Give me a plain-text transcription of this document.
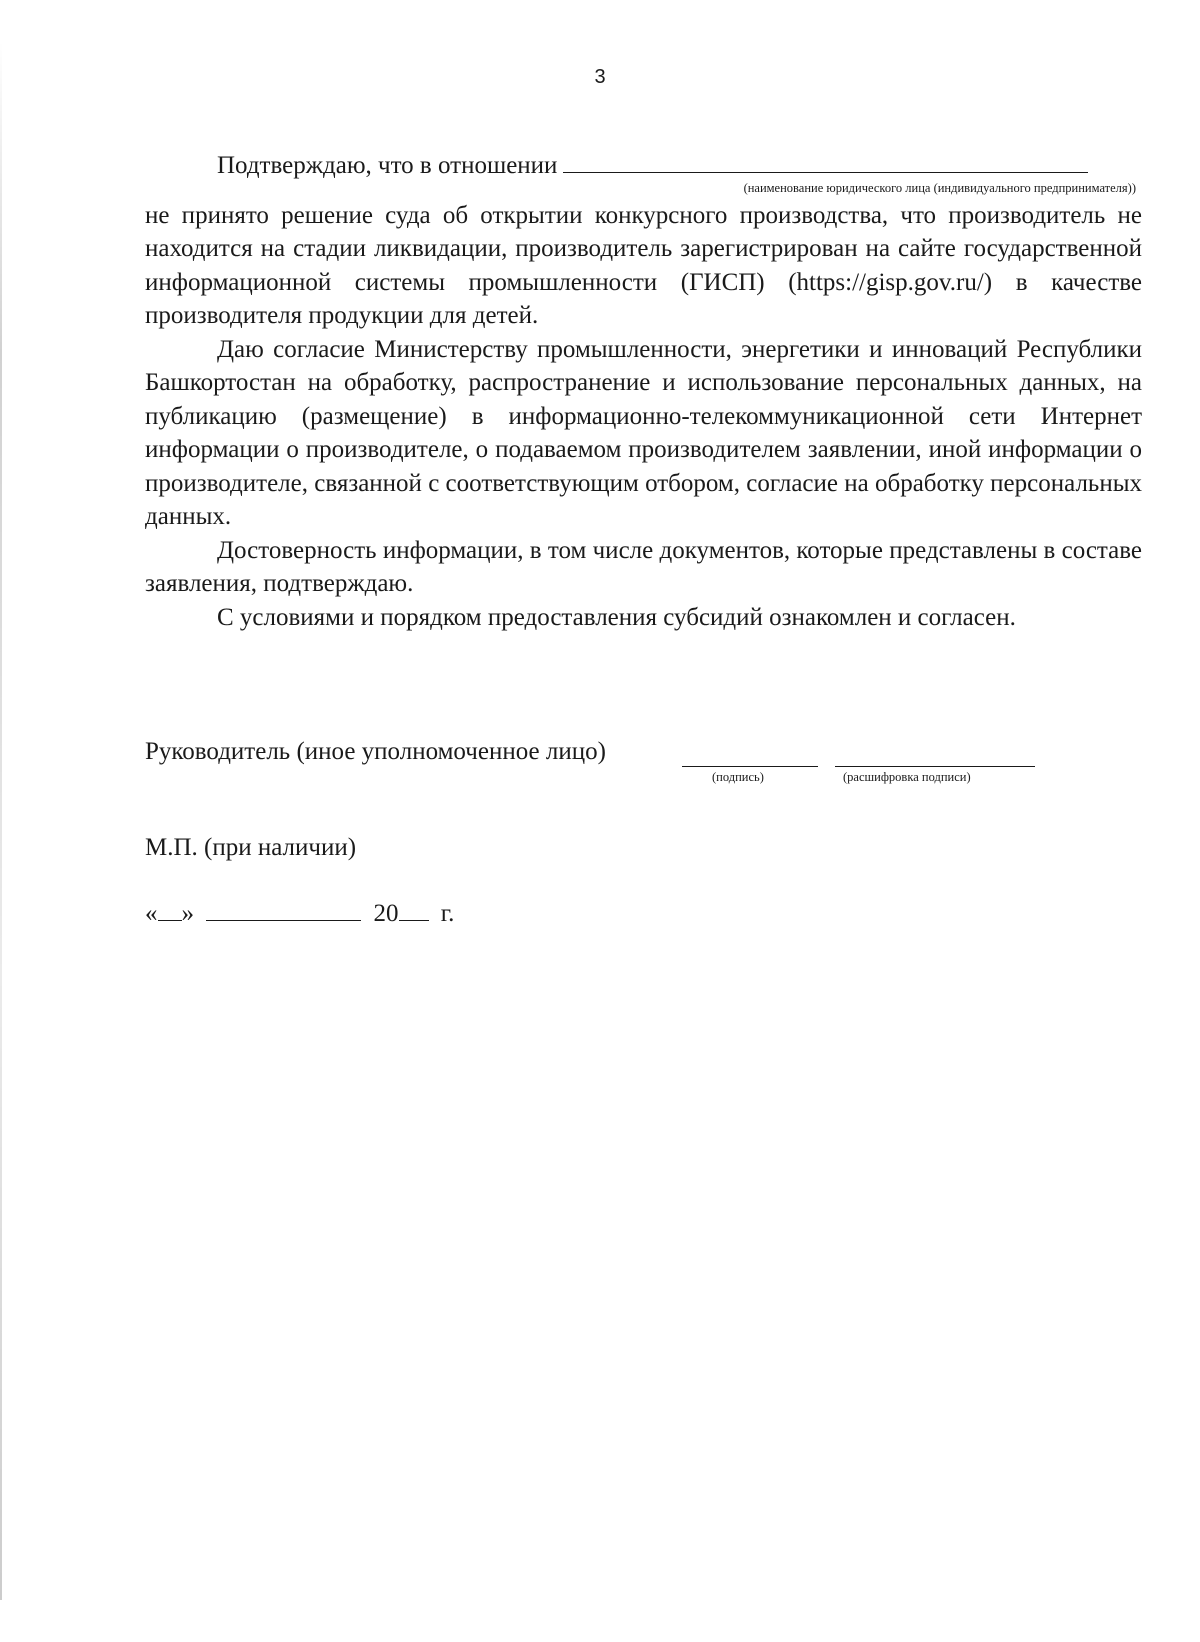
3
Подтверждаю, что в отношении
(наименование юридического лица (индивидуального предпринимателя))

не принято решение суда об открытии конкурсного производства, что производитель не находится на стадии ликвидации, производитель зарегистрирован на сайте государственной информационной системы промышленности (ГИСП) (https://gisp.gov.ru/) в качестве производителя продукции для детей.

Даю согласие Министерству промышленности, энергетики и инноваций Республики Башкортостан на обработку, распространение и использование персональных данных, на публикацию (размещение) в информационно-телекоммуникационной сети Интернет информации о производителе, о подаваемом производителем заявлении, иной информации о производителе, связанной с соответствующим отбором, согласие на обработку персональных данных.

Достоверность информации, в том числе документов, которые представлены в составе заявления, подтверждаю.

С условиями и порядком предоставления субсидий ознакомлен и согласен.

Руководитель (иное уполномоченное лицо)
(подпись)	(расшифровка подписи)
М.П. (при наличии)
« »	20 г.
